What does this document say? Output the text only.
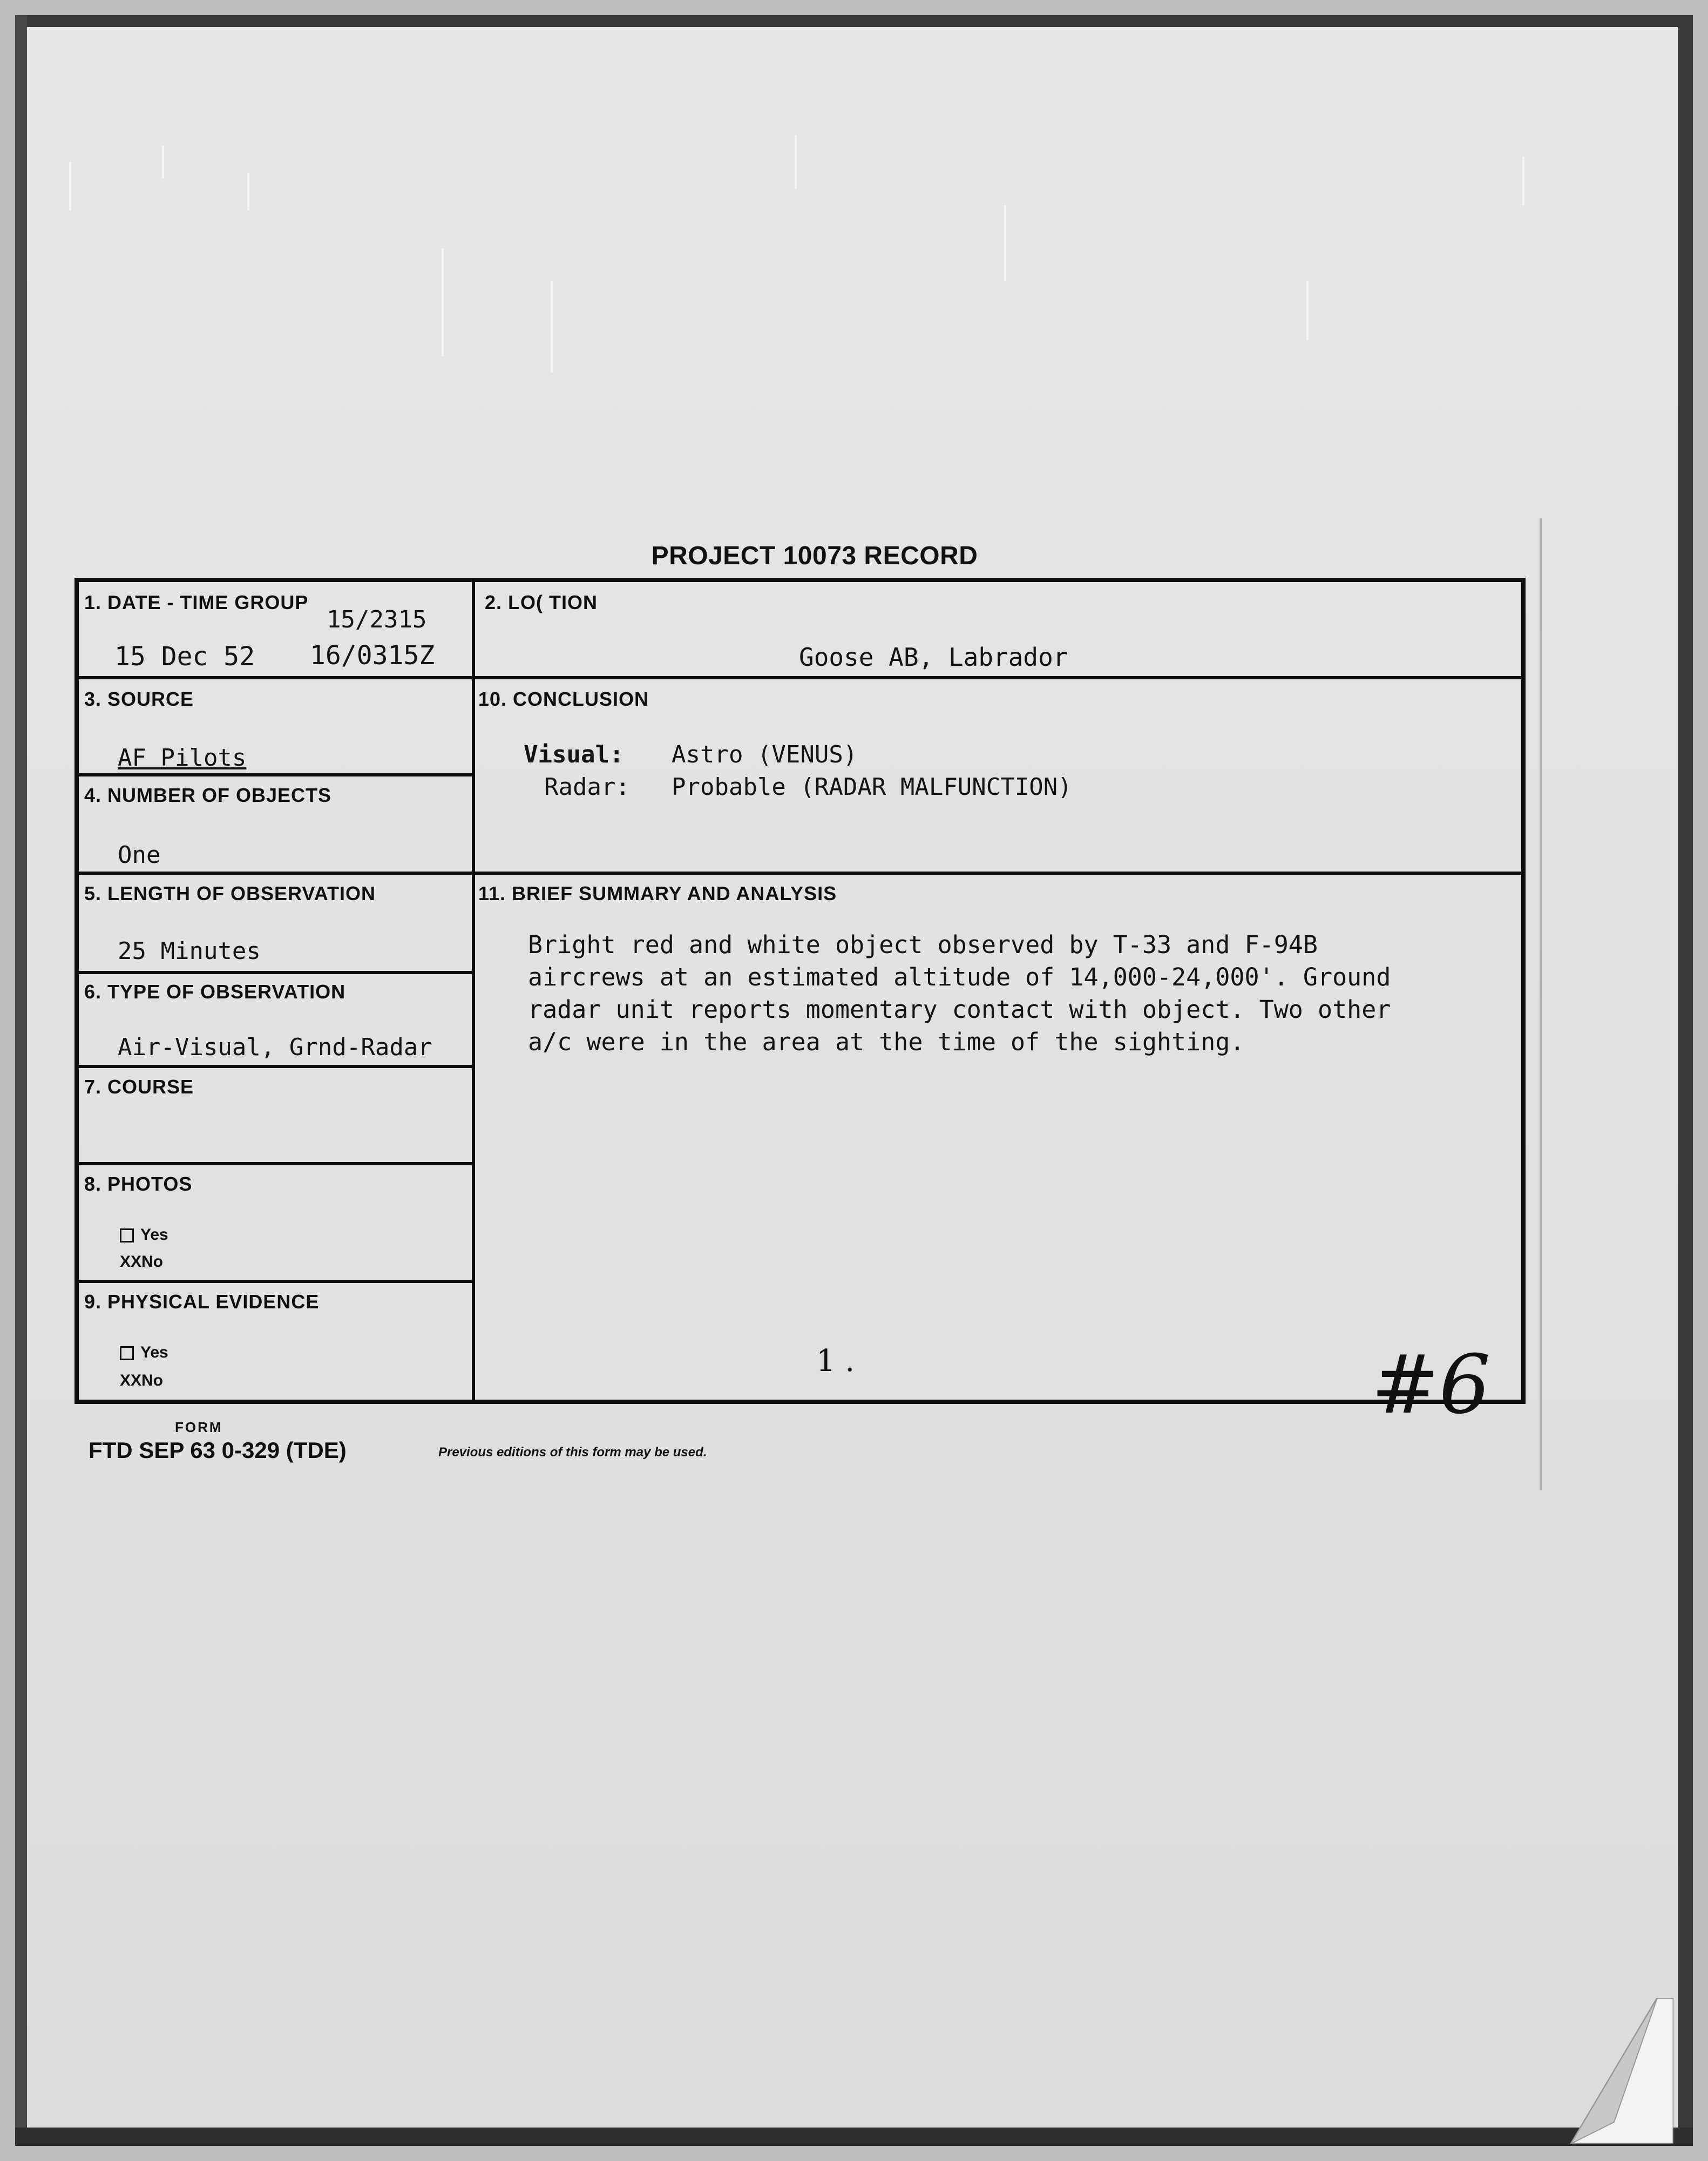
PROJECT 10073 RECORD
1. DATE - TIME GROUP
15/2315
15 Dec 52 16/0315Z
2. LO( TION
Goose AB, Labrador
3. SOURCE
AF Pilots
4. NUMBER OF OBJECTS
One
5. LENGTH OF OBSERVATION
25 Minutes
6. TYPE OF OBSERVATION
Air-Visual, Grnd-Radar
7. COURSE
8. PHOTOS
Yes
XXNo
9. PHYSICAL EVIDENCE
Yes
XXNo
10. CONCLUSION
Visual: Astro (VENUS)
Radar: Probable (RADAR MALFUNCTION)
11. BRIEF SUMMARY AND ANALYSIS
Bright red and white object observed by T-33 and F-94B
aircrews at an estimated altitude of 14,000-24,000'. Ground
radar unit reports momentary contact with object. Two other
a/c were in the area at the time of the sighting.
1 .	#6
FORM
FTD SEP 63 0-329 (TDE)	Previous editions of this form may be used.
